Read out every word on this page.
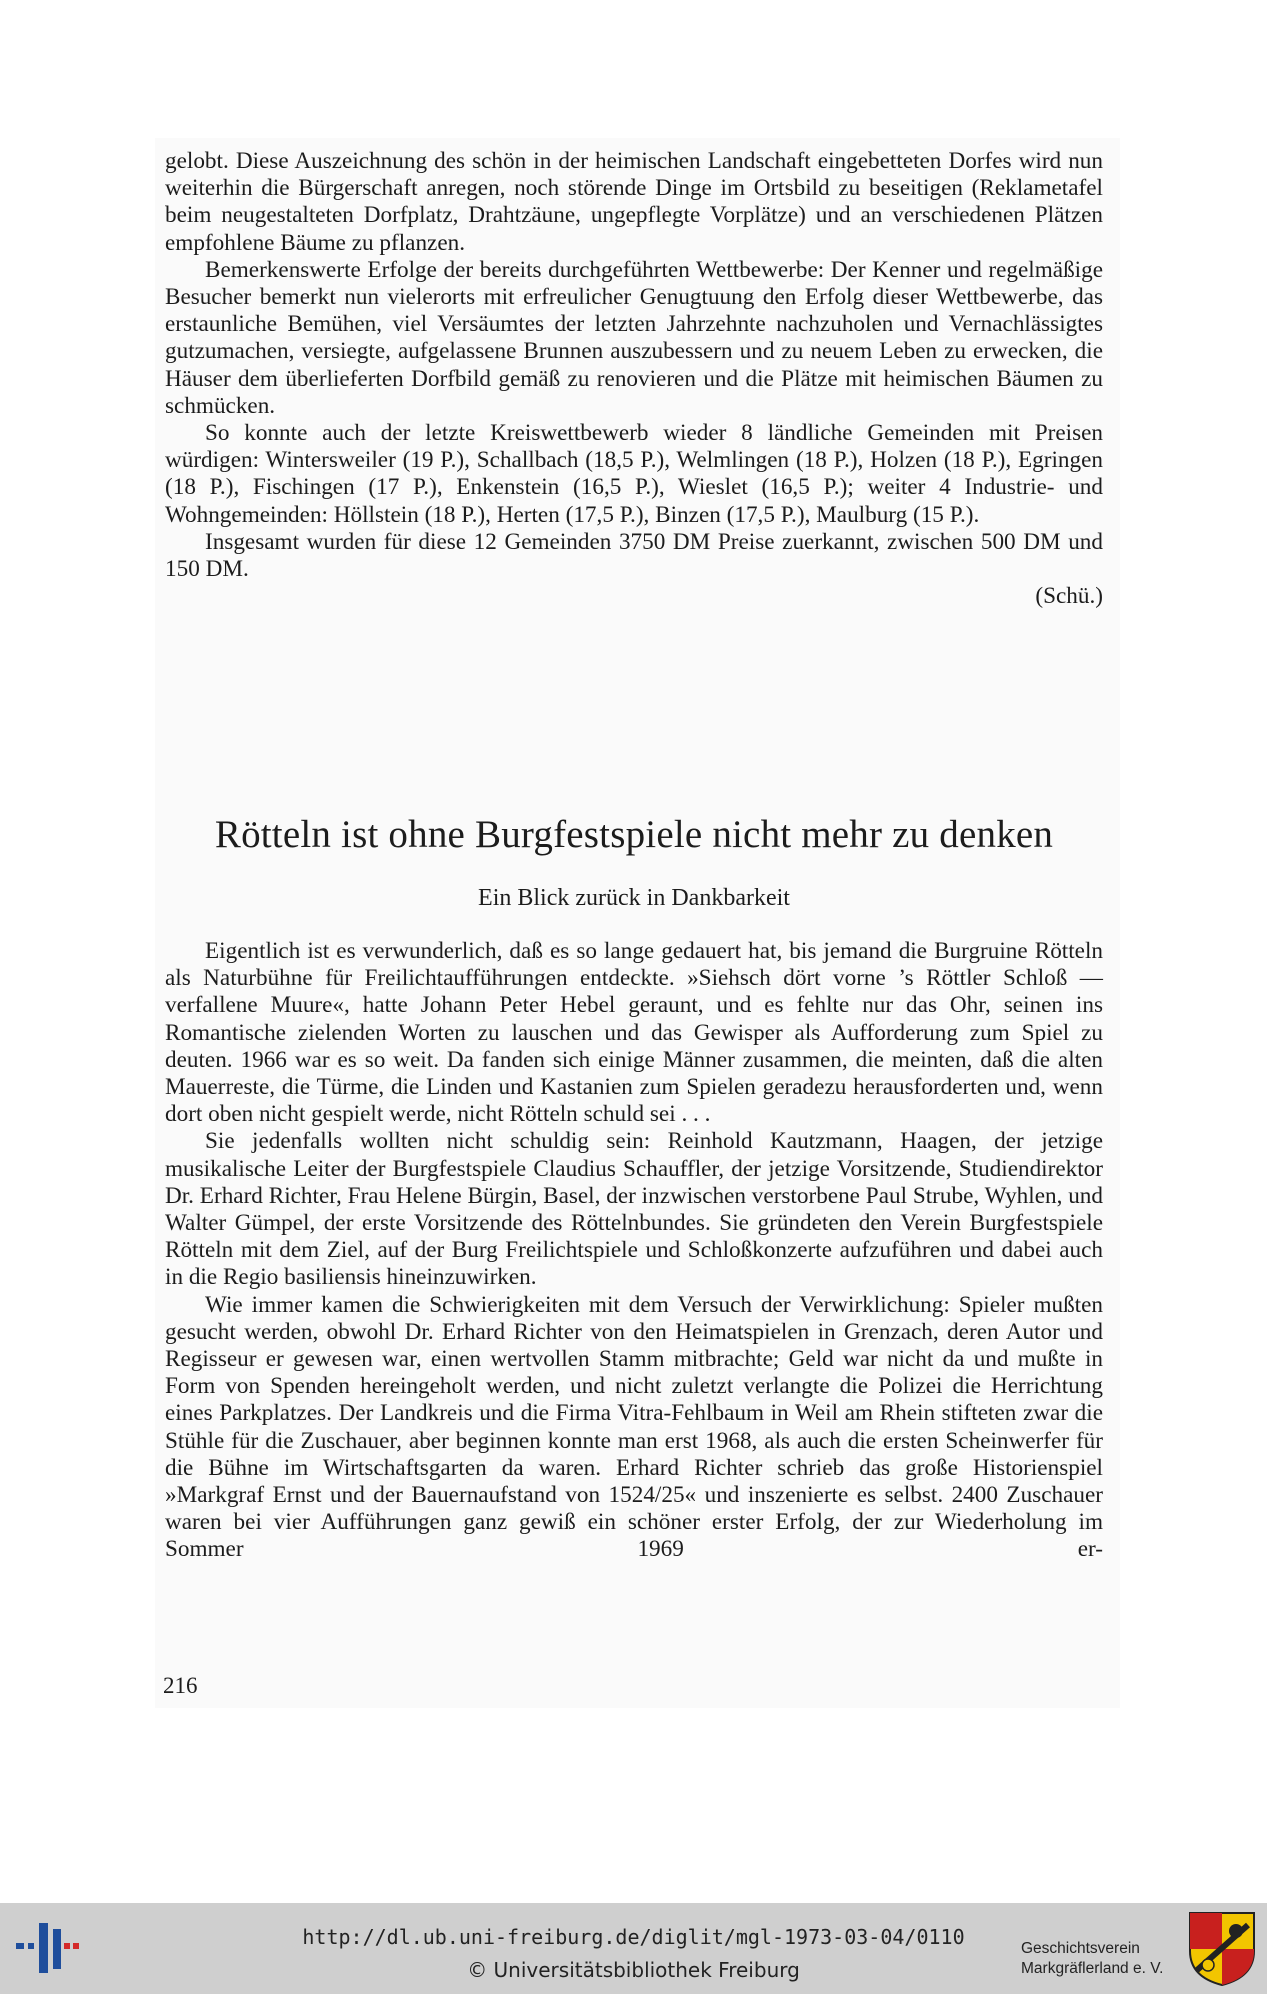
gelobt. Diese Auszeichnung des schön in der heimischen Landschaft eingebetteten Dorfes wird nun weiterhin die Bürgerschaft anregen, noch störende Dinge im Ortsbild zu beseitigen (Reklametafel beim neugestalteten Dorfplatz, Drahtzäune, ungepflegte Vorplätze) und an verschiedenen Plätzen empfohlene Bäume zu pflanzen.

Bemerkenswerte Erfolge der bereits durchgeführten Wettbewerbe: Der Kenner und regelmäßige Besucher bemerkt nun vielerorts mit erfreulicher Genugtuung den Erfolg dieser Wettbewerbe, das erstaunliche Bemühen, viel Versäumtes der letzten Jahrzehnte nachzuholen und Vernachlässigtes gutzumachen, versiegte, aufgelassene Brunnen auszubessern und zu neuem Leben zu erwecken, die Häuser dem überlieferten Dorfbild gemäß zu renovieren und die Plätze mit heimischen Bäumen zu schmücken.

So konnte auch der letzte Kreiswettbewerb wieder 8 ländliche Gemeinden mit Preisen würdigen: Wintersweiler (19 P.), Schallbach (18,5 P.), Welmlingen (18 P.), Holzen (18 P.), Egringen (18 P.), Fischingen (17 P.), Enkenstein (16,5 P.), Wieslet (16,5 P.); weiter 4 Industrie- und Wohngemeinden: Höllstein (18 P.), Herten (17,5 P.), Binzen (17,5 P.), Maulburg (15 P.).

Insgesamt wurden für diese 12 Gemeinden 3750 DM Preise zuerkannt, zwischen 500 DM und 150 DM.

(Schü.)
Rötteln ist ohne Burgfestspiele nicht mehr zu denken
Ein Blick zurück in Dankbarkeit

Eigentlich ist es verwunderlich, daß es so lange gedauert hat, bis jemand die Burgruine Rötteln als Naturbühne für Freilichtaufführungen entdeckte. »Siehsch dört vorne ’s Röttler Schloß — verfallene Muure«, hatte Johann Peter Hebel geraunt, und es fehlte nur das Ohr, seinen ins Romantische zielenden Worten zu lauschen und das Gewisper als Aufforderung zum Spiel zu deuten. 1966 war es so weit. Da fanden sich einige Männer zusammen, die meinten, daß die alten Mauerreste, die Türme, die Linden und Kastanien zum Spielen geradezu herausforderten und, wenn dort oben nicht gespielt werde, nicht Rötteln schuld sei . . .

Sie jedenfalls wollten nicht schuldig sein: Reinhold Kautzmann, Haagen, der jetzige musikalische Leiter der Burgfestspiele Claudius Schauffler, der jetzige Vorsitzende, Studiendirektor Dr. Erhard Richter, Frau Helene Bürgin, Basel, der inzwischen verstorbene Paul Strube, Wyhlen, und Walter Gümpel, der erste Vorsitzende des Röttelnbundes. Sie gründeten den Verein Burgfestspiele Rötteln mit dem Ziel, auf der Burg Freilichtspiele und Schloßkonzerte aufzuführen und dabei auch in die Regio basiliensis hineinzuwirken.

Wie immer kamen die Schwierigkeiten mit dem Versuch der Verwirklichung: Spieler mußten gesucht werden, obwohl Dr. Erhard Richter von den Heimatspielen in Grenzach, deren Autor und Regisseur er gewesen war, einen wertvollen Stamm mitbrachte; Geld war nicht da und mußte in Form von Spenden hereingeholt werden, und nicht zuletzt verlangte die Polizei die Herrichtung eines Parkplatzes. Der Landkreis und die Firma Vitra-Fehlbaum in Weil am Rhein stifteten zwar die Stühle für die Zuschauer, aber beginnen konnte man erst 1968, als auch die ersten Scheinwerfer für die Bühne im Wirtschaftsgarten da waren. Erhard Richter schrieb das große Historienspiel »Markgraf Ernst und der Bauernaufstand von 1524/25« und inszenierte es selbst. 2400 Zuschauer waren bei vier Aufführungen ganz gewiß ein schöner erster Erfolg, der zur Wiederholung im Sommer 1969 er-

216
http://dl.ub.uni-freiburg.de/diglit/mgl-1973-03-04/0110
© Universitätsbibliothek Freiburg
Geschichtsverein
Markgräflerland e. V.
